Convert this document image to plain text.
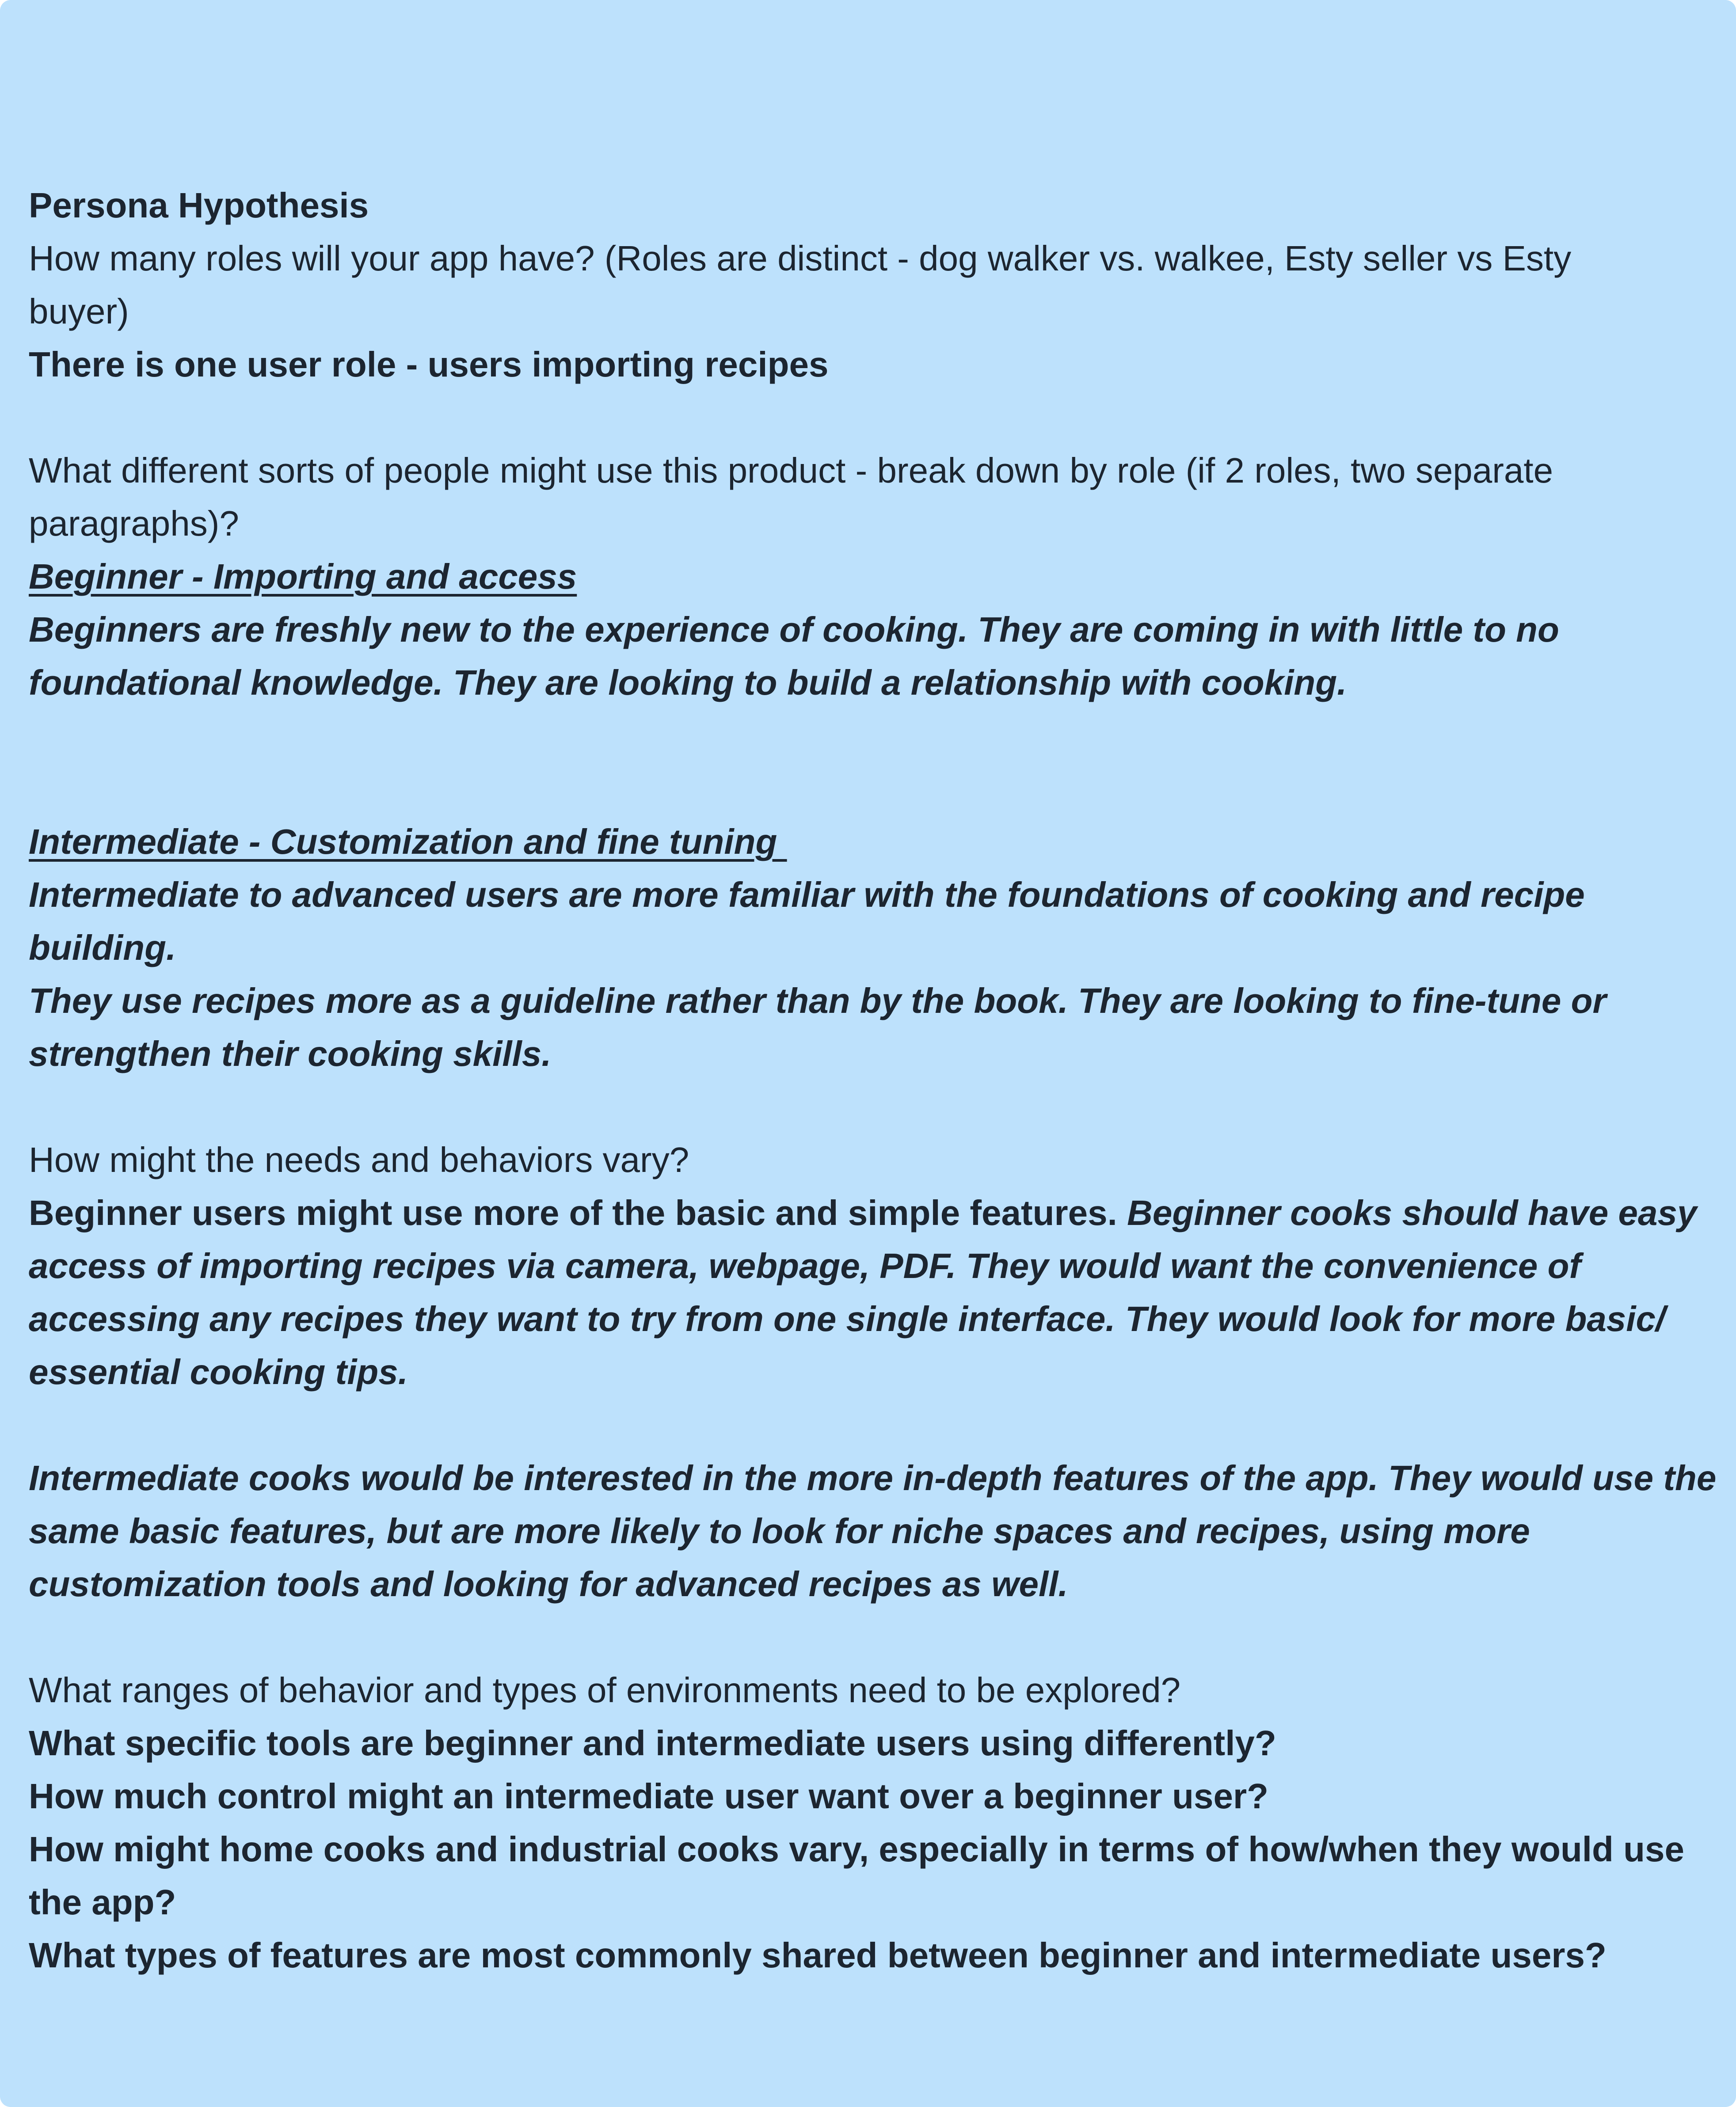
Persona Hypothesis
How many roles will your app have? (Roles are distinct - dog walker vs. walkee, Esty seller vs Esty
buyer)
There is one user role - users importing recipes
What different sorts of people might use this product - break down by role (if 2 roles, two separate
paragraphs)?
Beginner - Importing and access
Beginners are freshly new to the experience of cooking. They are coming in with little to no
foundational knowledge. They are looking to build a relationship with cooking.
Intermediate - Customization and fine tuning
Intermediate to advanced users are more familiar with the foundations of cooking and recipe building.
They use recipes more as a guideline rather than by the book. They are looking to fine-tune or
strengthen their cooking skills.
How might the needs and behaviors vary?
Beginner users might use more of the basic and simple features. Beginner cooks should have easy
access of importing recipes via camera, webpage, PDF. They would want the convenience of
accessing any recipes they want to try from one single interface. They would look for more basic/
essential cooking tips.
Intermediate cooks would be interested in the more in-depth features of the app. They would use the
same basic features, but are more likely to look for niche spaces and recipes, using more
customization tools and looking for advanced recipes as well.
What ranges of behavior and types of environments need to be explored?
What specific tools are beginner and intermediate users using differently?
How much control might an intermediate user want over a beginner user?
How might home cooks and industrial cooks vary, especially in terms of how/when they would use
the app?
What types of features are most commonly shared between beginner and intermediate users?
